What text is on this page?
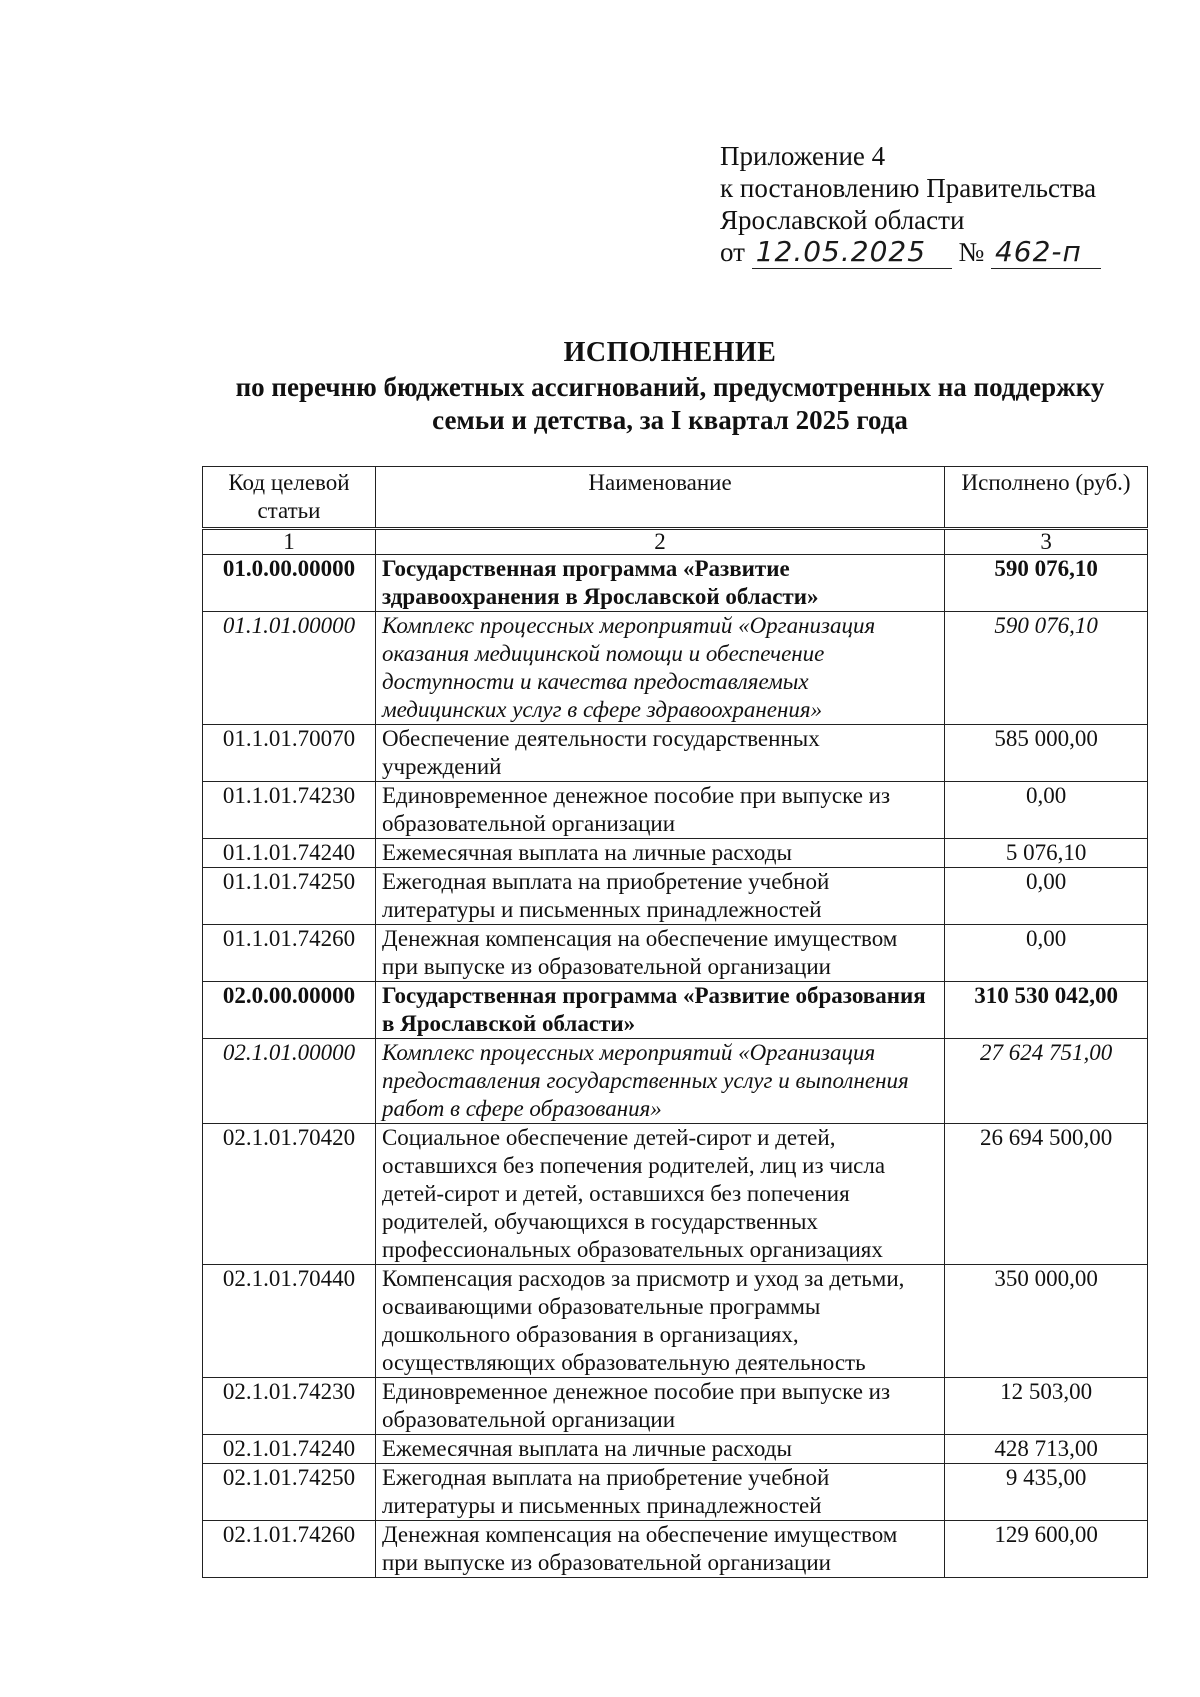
Приложение 4
к постановлению Правительства
Ярославской области
от 12.05.2025 № 462-п
ИСПОЛНЕНИЕ
по перечню бюджетных ассигнований, предусмотренных на поддержку
семьи и детства, за I квартал 2025 года
Код целевой статьи	Наименование	Исполнено (руб.)
1	2	3
01.0.00.00000	Государственная программа «Развитие здравоохранения в Ярославской области»	590 076,10
01.1.01.00000	Комплекс процессных мероприятий «Организация оказания медицинской помощи и обеспечение доступности и качества предоставляемых медицинских услуг в сфере здравоохранения»	590 076,10
01.1.01.70070	Обеспечение деятельности государственных учреждений	585 000,00
01.1.01.74230	Единовременное денежное пособие при выпуске из образовательной организации	0,00
01.1.01.74240	Ежемесячная выплата на личные расходы	5 076,10
01.1.01.74250	Ежегодная выплата на приобретение учебной литературы и письменных принадлежностей	0,00
01.1.01.74260	Денежная компенсация на обеспечение имуществом при выпуске из образовательной организации	0,00
02.0.00.00000	Государственная программа «Развитие образования в Ярославской области»	310 530 042,00
02.1.01.00000	Комплекс процессных мероприятий «Организация предоставления государственных услуг и выполнения работ в сфере образования»	27 624 751,00
02.1.01.70420	Социальное обеспечение детей-сирот и детей, оставшихся без попечения родителей, лиц из числа детей-сирот и детей, оставшихся без попечения родителей, обучающихся в государственных профессиональных образовательных организациях	26 694 500,00
02.1.01.70440	Компенсация расходов за присмотр и уход за детьми, осваивающими образовательные программы дошкольного образования в организациях, осуществляющих образовательную деятельность	350 000,00
02.1.01.74230	Единовременное денежное пособие при выпуске из образовательной организации	12 503,00
02.1.01.74240	Ежемесячная выплата на личные расходы	428 713,00
02.1.01.74250	Ежегодная выплата на приобретение учебной литературы и письменных принадлежностей	9 435,00
02.1.01.74260	Денежная компенсация на обеспечение имуществом при выпуске из образовательной организации	129 600,00
